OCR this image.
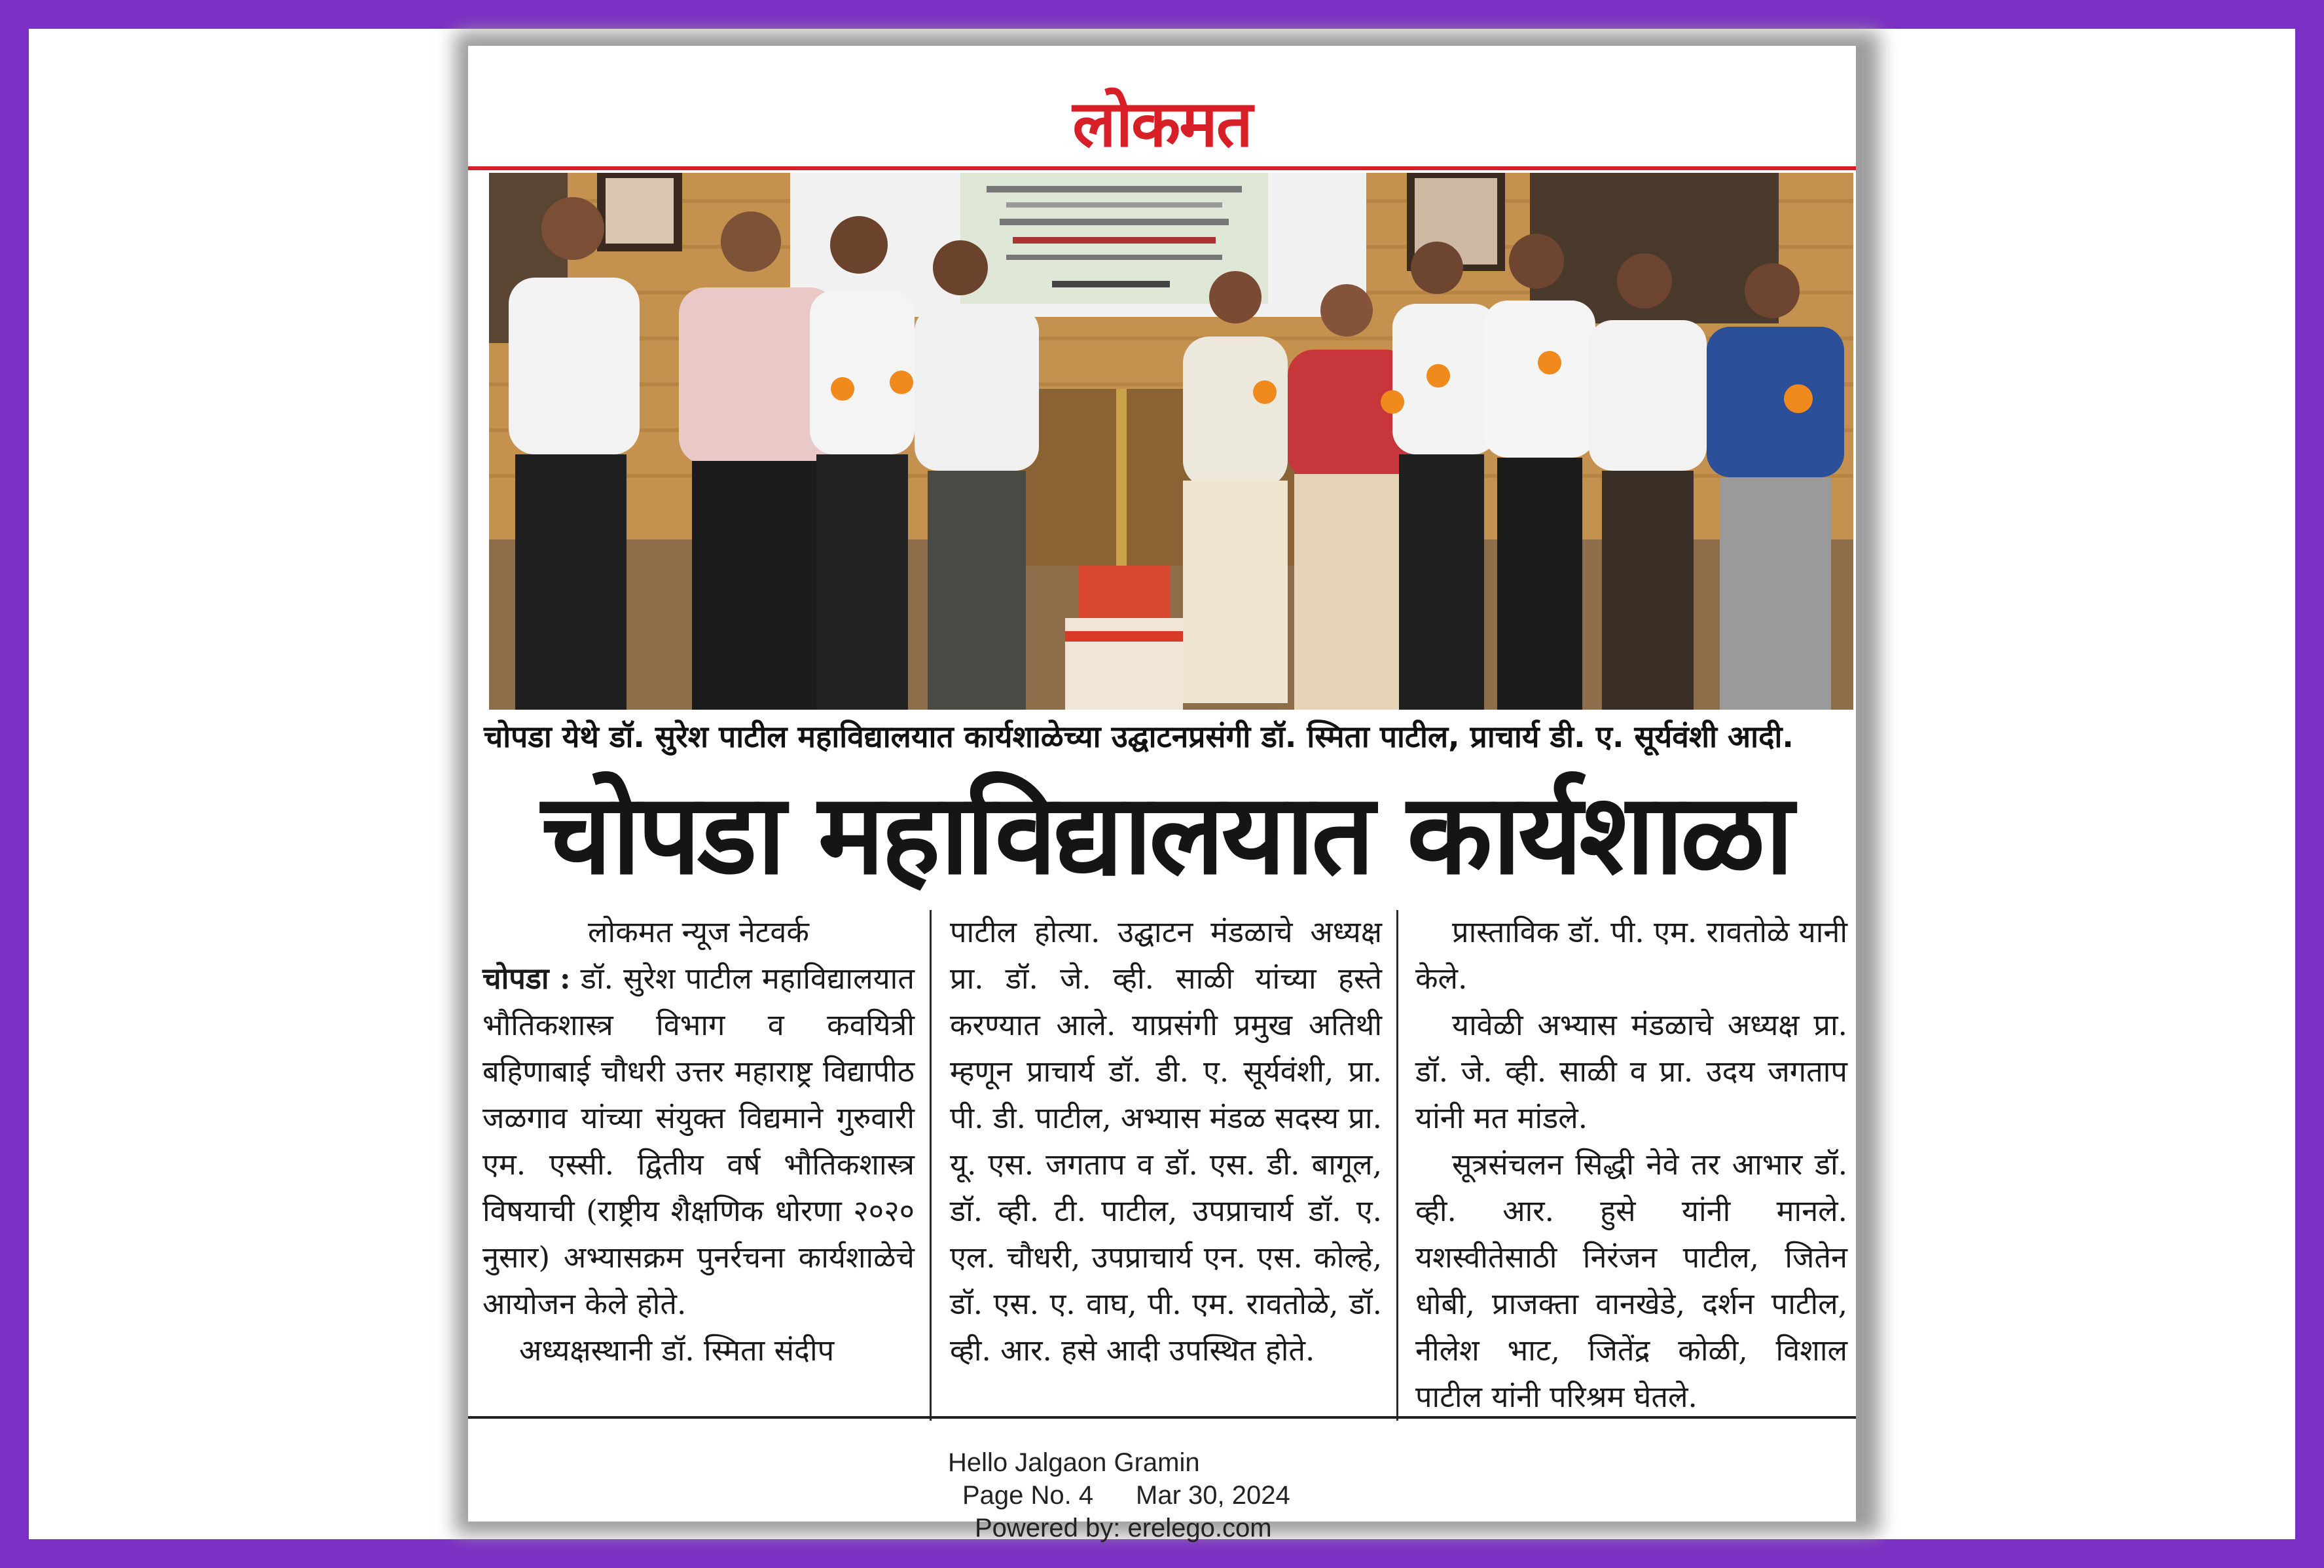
लोकमत
चोपडा येथे डॉ. सुरेश पाटील महाविद्यालयात कार्यशाळेच्या उद्घाटनप्रसंगी डॉ. स्मिता पाटील, प्राचार्य डी. ए. सूर्यवंशी आदी.
चोपडा महाविद्यालयात कार्यशाळा
लोकमत न्यूज नेटवर्क

चोपडा : डॉ. सुरेश पाटील महाविद्यालयात भौतिकशास्त्र विभाग व कवयित्री बहिणाबाई चौधरी उत्तर महाराष्ट्र विद्यापीठ जळगाव यांच्या संयुक्त विद्यमाने गुरुवारी एम. एस्सी. द्वितीय वर्ष भौतिकशास्त्र विषयाची (राष्ट्रीय शैक्षणिक धोरणा २०२० नुसार) अभ्यासक्रम पुनर्रचना कार्यशाळेचे आयोजन केले होते.

अध्यक्षस्थानी डॉ. स्मिता संदीप

पाटील होत्या. उद्घाटन मंडळाचे अध्यक्ष प्रा. डॉ. जे. व्ही. साळी यांच्या हस्ते करण्यात आले. याप्रसंगी प्रमुख अतिथी म्हणून प्राचार्य डॉ. डी. ए. सूर्यवंशी, प्रा. पी. डी. पाटील, अभ्यास मंडळ सदस्य प्रा. यू. एस. जगताप व डॉ. एस. डी. बागूल, डॉ. व्ही. टी. पाटील, उपप्राचार्य डॉ. ए. एल. चौधरी, उपप्राचार्य एन. एस. कोल्हे, डॉ. एस. ए. वाघ, पी. एम. रावतोळे, डॉ. व्ही. आर. हसे आदी उपस्थित होते.

प्रास्ताविक डॉ. पी. एम. रावतोळे यानी केले.

यावेळी अभ्यास मंडळाचे अध्यक्ष प्रा. डॉ. जे. व्ही. साळी व प्रा. उदय जगताप यांनी मत मांडले.

सूत्रसंचलन सिद्धी नेवे तर आभार डॉ. व्ही. आर. हुसे यांनी मानले. यशस्वीतेसाठी निरंजन पाटील, जितेन धोबी, प्राजक्ता वानखेडे, दर्शन पाटील, नीलेश भाट, जितेंद्र कोळी, विशाल पाटील यांनी परिश्रम घेतले.

Hello Jalgaon Gramin
Page No. 4 Mar 30, 2024
Powered by: erelego.com
